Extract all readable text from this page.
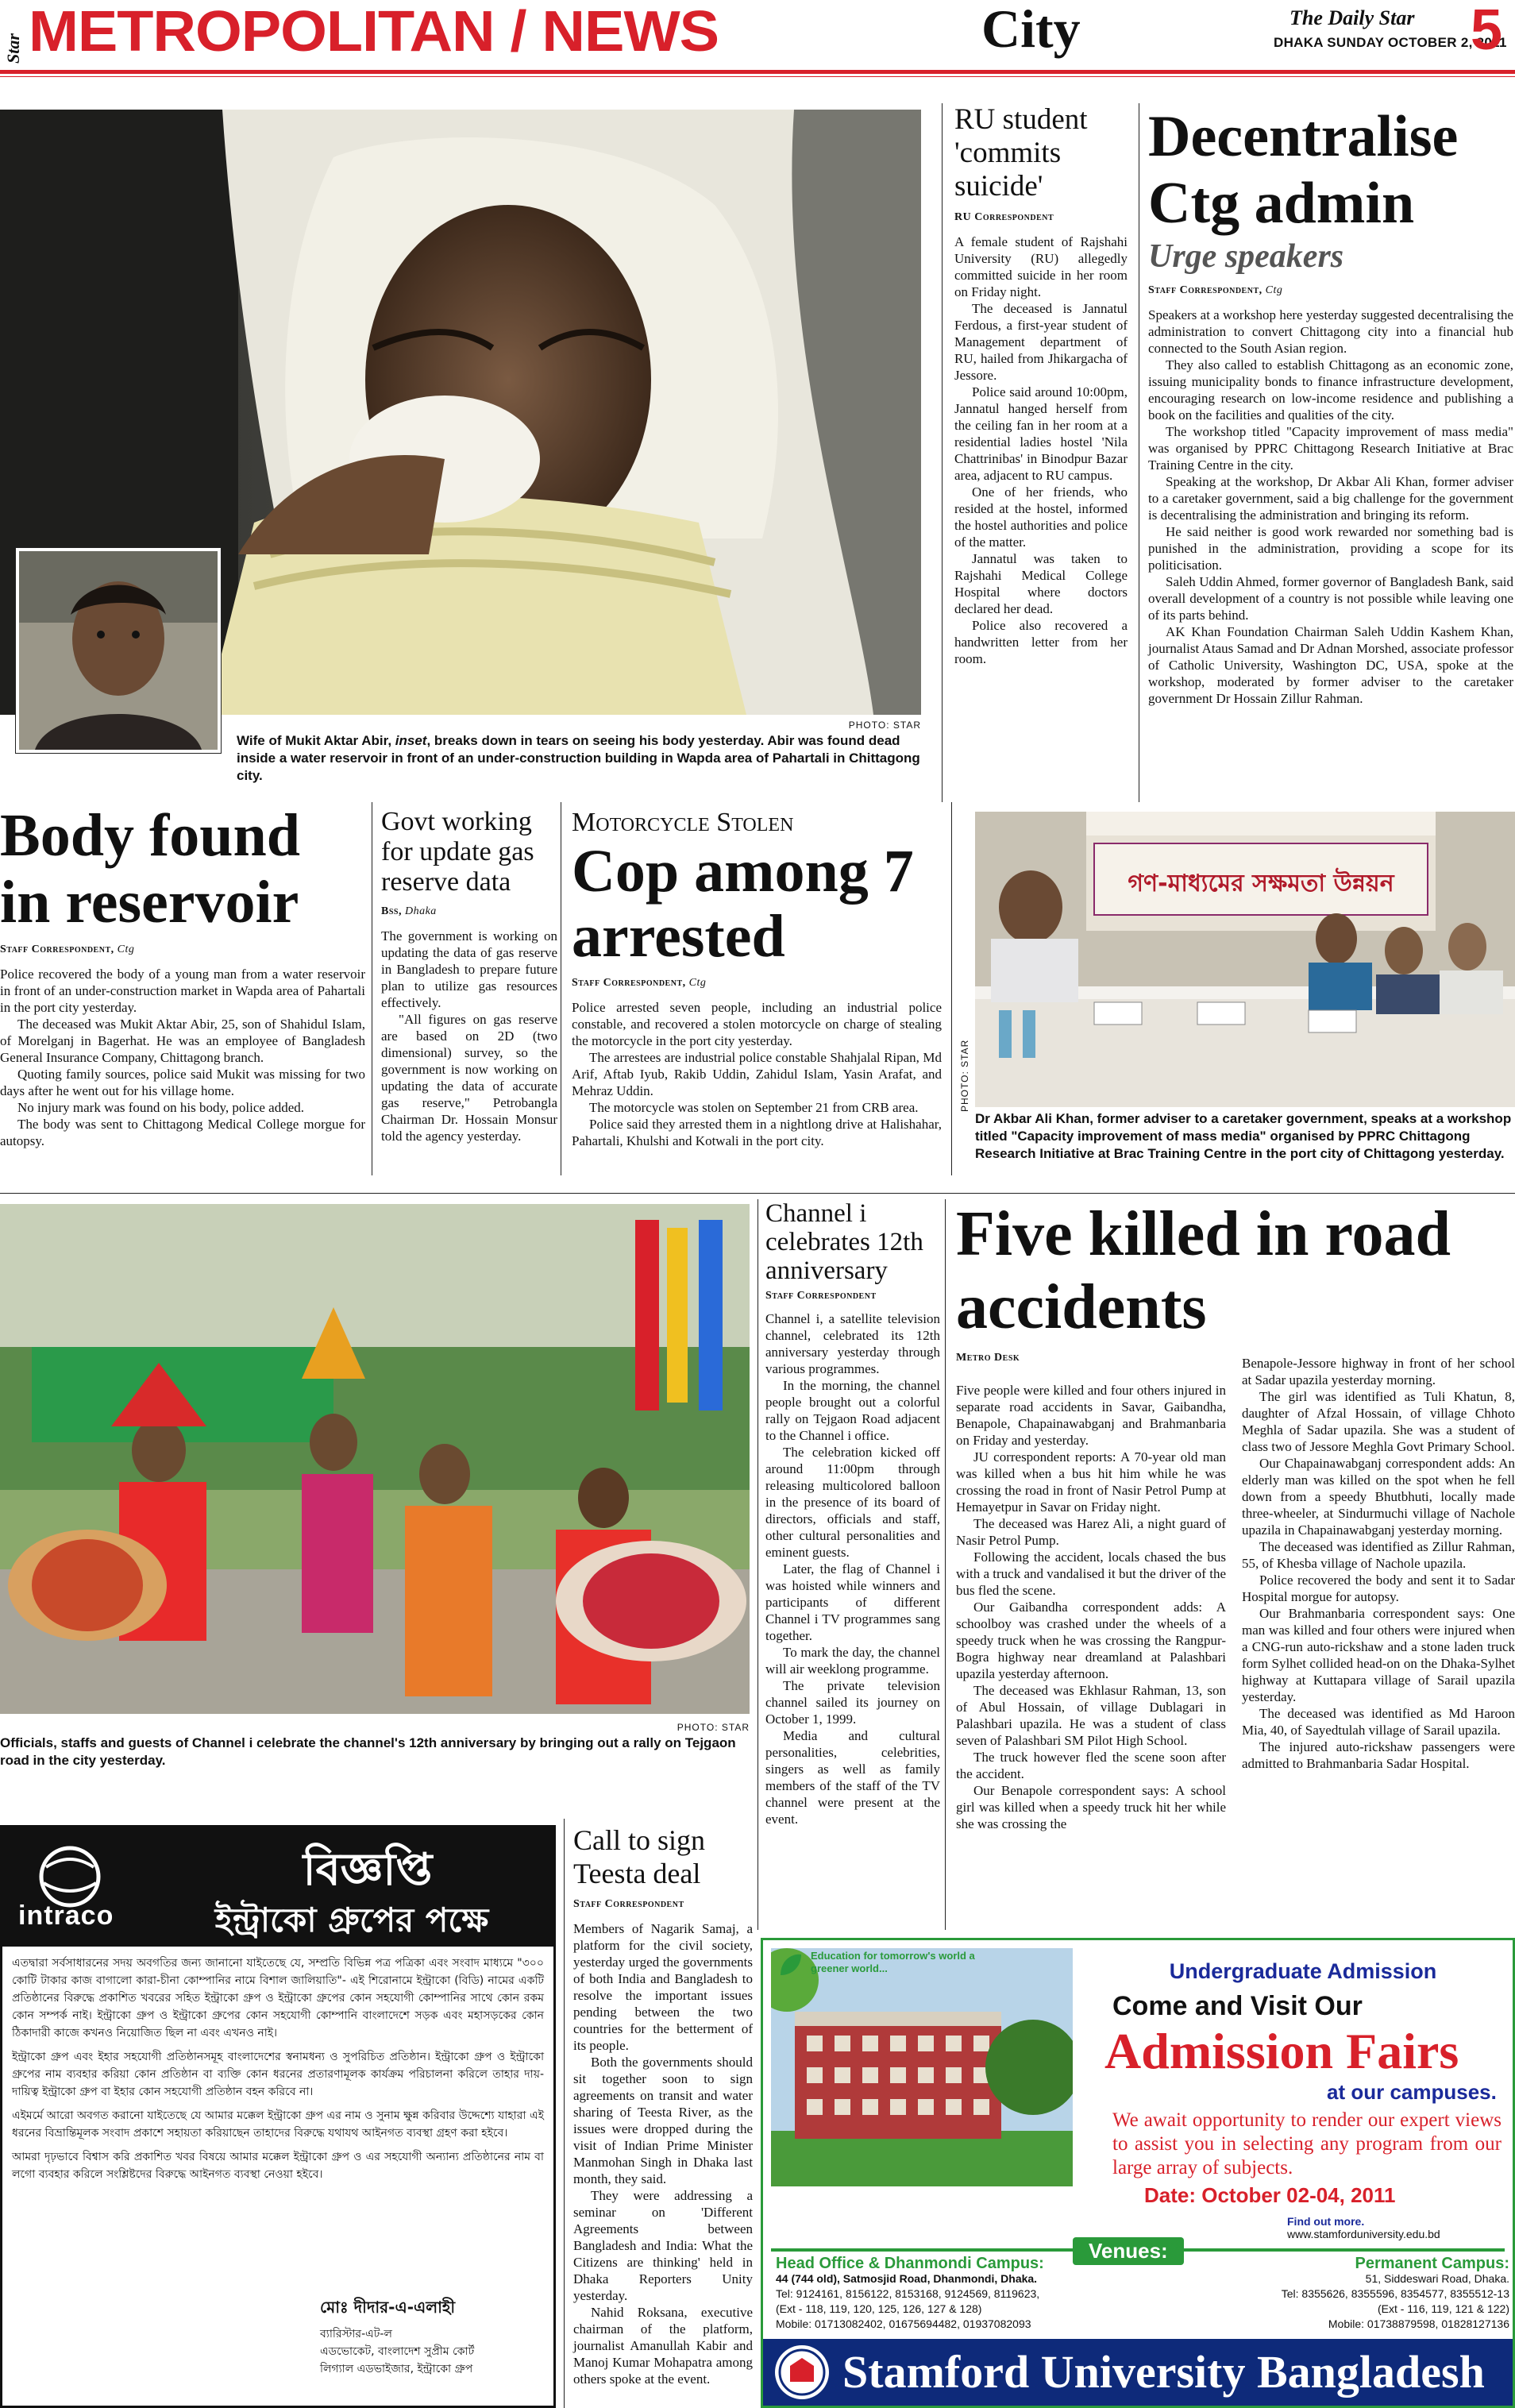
Star METROPOLITAN / NEWS	City	The Daily Star
DHAKA SUNDAY OCTOBER 2, 2011
5
PHOTO: STAR
Wife of Mukit Aktar Abir, inset, breaks down in tears on seeing his body yesterday. Abir was found dead inside a water reservoir in front of an under-construction building in Wapda area of Pahartali in Chittagong city.
RU student 'commits suicide'
RU Correspondent

A female student of Rajshahi University (RU) allegedly committed suicide in her room on Friday night.

The deceased is Jannatul Ferdous, a first-year student of Management department of RU, hailed from Jhikargacha of Jessore.

Police said around 10:00pm, Jannatul hanged herself from the ceiling fan in her room at a residential ladies hostel 'Nila Chattrinibas' in Binodpur Bazar area, adjacent to RU campus.

One of her friends, who resided at the hostel, informed the hostel authorities and police of the matter.

Jannatul was taken to Rajshahi Medical College Hospital where doctors declared her dead.

Police also recovered a handwritten letter from her room.

Decentralise Ctg admin
Urge speakers
Staff Correspondent, Ctg

Speakers at a workshop here yesterday suggested decentralising the administration to convert Chittagong city into a financial hub connected to the South Asian region.

They also called to establish Chittagong as an economic zone, issuing municipality bonds to finance infrastructure development, encouraging research on low-income residence and publishing a book on the facilities and qualities of the city.

The workshop titled "Capacity improvement of mass media" was organised by PPRC Chittagong Research Initiative at Brac Training Centre in the city.

Speaking at the workshop, Dr Akbar Ali Khan, former adviser to a caretaker government, said a big challenge for the government is decentralising the administration and bringing its reform.

He said neither is good work rewarded nor something bad is punished in the administration, providing a scope for its politicisation.

Saleh Uddin Ahmed, former governor of Bangladesh Bank, said overall development of a country is not possible while leaving one of its parts behind.

AK Khan Foundation Chairman Saleh Uddin Kashem Khan, journalist Ataus Samad and Dr Adnan Morshed, associate professor of Catholic University, Washington DC, USA, spoke at the workshop, moderated by former adviser to the caretaker government Dr Hossain Zillur Rahman.

Body found in reservoir
Staff Correspondent, Ctg

Police recovered the body of a young man from a water reservoir in front of an under-construction market in Wapda area of Pahartali in the port city yesterday.

The deceased was Mukit Aktar Abir, 25, son of Shahidul Islam, of Morelganj in Bagerhat. He was an employee of Bangladesh General Insurance Company, Chittagong branch.

Quoting family sources, police said Mukit was missing for two days after he went out for his village home.

No injury mark was found on his body, police added.

The body was sent to Chittagong Medical College morgue for autopsy.

Govt working for update gas reserve data
Bss, Dhaka

The government is working on updating the data of gas reserve in Bangladesh to prepare future plan to utilize gas resources effectively.

"All figures on gas reserve are based on 2D (two dimensional) survey, so the government is now working on updating the data of accurate gas reserve," Petrobangla Chairman Dr. Hossain Monsur told the agency yesterday.

Motorcycle Stolen
Cop among 7 arrested
Staff Correspondent, Ctg

Police arrested seven people, including an industrial police constable, and recovered a stolen motorcycle on charge of stealing the motorcycle in the port city yesterday.

The arrestees are industrial police constable Shahjalal Ripan, Md Arif, Aftab Iyub, Rakib Uddin, Zahidul Islam, Yasin Arafat, and Mehraz Uddin.

The motorcycle was stolen on September 21 from CRB area.

Police said they arrested them in a nightlong drive at Halishahar, Pahartali, Khulshi and Kotwali in the port city.

গণ-মাধ্যমের সক্ষমতা উন্নয়ন
PHOTO: STAR
Dr Akbar Ali Khan, former adviser to a caretaker government, speaks at a workshop titled "Capacity improvement of mass media" organised by PPRC Chittagong Research Initiative at Brac Training Centre in the port city of Chittagong yesterday.
PHOTO: STAR
Officials, staffs and guests of Channel i celebrate the channel's 12th anniversary by bringing out a rally on Tejgaon road in the city yesterday.
Channel i celebrates 12th anniversary
Staff Correspondent

Channel i, a satellite television channel, celebrated its 12th anniversary yesterday through various programmes.

In the morning, the channel people brought out a colorful rally on Tejgaon Road adjacent to the Channel i office.

The celebration kicked off around 11:00pm through releasing multicolored balloon in the presence of its board of directors, officials and staff, other cultural personalities and eminent guests.

Later, the flag of Channel i was hoisted while winners and participants of different Channel i TV programmes sang together.

To mark the day, the channel will air weeklong programme.

The private television channel sailed its journey on October 1, 1999.

Media and cultural personalities, celebrities, singers as well as family members of the staff of the TV channel were present at the event.

Five killed in road accidents
Metro Desk

Five people were killed and four others injured in separate road accidents in Savar, Gaibandha, Benapole, Chapainawabganj and Brahmanbaria on Friday and yesterday.

JU correspondent reports: A 70-year old man was killed when a bus hit him while he was crossing the road in front of Nasir Petrol Pump at Hemayetpur in Savar on Friday night.

The deceased was Harez Ali, a night guard of Nasir Petrol Pump.

Following the accident, locals chased the bus with a truck and vandalised it but the driver of the bus fled the scene.

Our Gaibandha correspondent adds: A schoolboy was crashed under the wheels of a speedy truck when he was crossing the Rangpur-Bogra highway near dreamland at Palashbari upazila yesterday afternoon.

The deceased was Ekhlasur Rahman, 13, son of Abul Hossain, of village Dublagari in Palashbari upazila. He was a student of class seven of Palashbari SM Pilot High School.

The truck however fled the scene soon after the accident.

Our Benapole correspondent says: A school girl was killed when a speedy truck hit her while she was crossing the

Benapole-Jessore highway in front of her school at Sadar upazila yesterday morning.

The girl was identified as Tuli Khatun, 8, daughter of Afzal Hossain, of village Chhoto Meghla of Sadar upazila. She was a student of class two of Jessore Meghla Govt Primary School.

Our Chapainawabganj correspondent adds: An elderly man was killed on the spot when he fell down from a speedy Bhutbhuti, locally made three-wheeler, at Sindurmuchi village of Nachole upazila in Chapainawabganj yesterday morning.

The deceased was identified as Zillur Rahman, 55, of Khesba village of Nachole upazila.

Police recovered the body and sent it to Sadar Hospital morgue for autopsy.

Our Brahmanbaria correspondent says: One man was killed and four others were injured when a CNG-run auto-rickshaw and a stone laden truck form Sylhet collided head-on on the Dhaka-Sylhet highway at Kuttapara village of Sarail upazila yesterday.

The deceased was identified as Md Haroon Mia, 40, of Sayedtulah village of Sarail upazila.

The injured auto-rickshaw passengers were admitted to Brahmanbaria Sadar Hospital.

intraco
বিজ্ঞপ্তি
ইন্ট্রাকো গ্রুপের পক্ষে

এতদ্বারা সর্বসাধারনের সদয় অবগতির জন্য জানানো যাইতেছে যে, সম্প্রতি বিভিন্ন পত্র পত্রিকা এবং সংবাদ মাধ্যমে "৩০০ কোটি টাকার কাজ বাগালো কারা-চীনা কোম্পানির নামে বিশাল জালিয়াতি"- এই শিরোনামে ইন্ট্রাকো (বিডি) নামের একটি প্রতিষ্ঠানের বিরুদ্ধে প্রকাশিত খবরের সহিত ইন্ট্রাকো গ্রুপ ও ইন্ট্রাকো গ্রুপের কোন সহযোগী কোম্পানির সাথে কোন রকম কোন সম্পর্ক নাই। ইন্ট্রাকো গ্রুপ ও ইন্ট্রাকো গ্রুপের কোন সহযোগী কোম্পানি বাংলাদেশে সড়ক এবং মহাসড়কের কোন ঠিকাদারী কাজে কখনও নিয়োজিত ছিল না এবং এখনও নাই।

ইন্ট্রাকো গ্রুপ এবং ইহার সহযোগী প্রতিষ্ঠানসমূহ বাংলাদেশের স্বনামধন্য ও সুপরিচিত প্রতিষ্ঠান। ইন্ট্রাকো গ্রুপ ও ইন্ট্রাকো গ্রুপের নাম ব্যবহার করিয়া কোন প্রতিষ্ঠান বা ব্যক্তি কোন ধরনের প্রতারণামূলক কার্যক্রম পরিচালনা করিলে তাহার দায়-দায়িত্ব ইন্ট্রাকো গ্রুপ বা ইহার কোন সহযোগী প্রতিষ্ঠান বহন করিবে না।

এইমর্মে আরো অবগত করানো যাইতেছে যে আমার মক্কেল ইন্ট্রাকো গ্রুপ এর নাম ও সুনাম ক্ষুন্ন করিবার উদ্দেশ্যে যাহারা এই ধরনের বিভ্রান্তিমূলক সংবাদ প্রকাশে সহায়তা করিয়াছেন তাহাদের বিরুদ্ধে যথাযথ আইনগত ব্যবস্থা গ্রহণ করা হইবে।

আমরা দৃঢ়ভাবে বিশ্বাস করি প্রকাশিত খবর বিষয়ে আমার মক্কেল ইন্ট্রাকো গ্রুপ ও এর সহযোগী অন্যান্য প্রতিষ্ঠানের নাম বা লগো ব্যবহার করিলে সংশ্লিষ্টদের বিরুদ্ধে আইনগত ব্যবস্থা নেওয়া হইবে।

মোঃ দীদার-এ-এলাহী
ব্যারিস্টার-এট-ল
এডভোকেট, বাংলাদেশ সুপ্রীম কোর্ট
লিগ্যাল এডভাইজার, ইন্ট্রাকো গ্রুপ
Call to sign Teesta deal
Staff Correspondent

Members of Nagarik Samaj, a platform for the civil society, yesterday urged the governments of both India and Bangladesh to resolve the important issues pending between the two countries for the betterment of its people.

Both the governments should sit together soon to sign agreements on transit and water sharing of Teesta River, as the issues were dropped during the visit of Indian Prime Minister Manmohan Singh in Dhaka last month, they said.

They were addressing a seminar on 'Different Agreements between Bangladesh and India: What the Citizens are thinking' held in Dhaka Reporters Unity yesterday.

Nahid Roksana, executive chairman of the platform, journalist Amanullah Kabir and Manoj Kumar Mohapatra among others spoke at the event.

Education for tomorrow's world a greener world...	Undergraduate Admission
Come and Visit Our
Admission Fairs
at our campuses.
We await opportunity to render our expert views to assist you in selecting any program from our large array of subjects.
Date: October 02-04, 2011
Find out more.
www.stamforduniversity.edu.bd
Venues:
Head Office & Dhanmondi Campus:
44 (744 old), Satmosjid Road, Dhanmondi, Dhaka.
Tel: 9124161, 8156122, 8153168, 9124569, 8119623,
(Ext - 118, 119, 120, 125, 126, 127 & 128)
Mobile: 01713082402, 01675694482, 01937082093
Permanent Campus:
51, Siddeswari Road, Dhaka.
Tel: 8355626, 8355596, 8354577, 8355512-13
(Ext - 116, 119, 121 & 122)
Mobile: 01738879598, 01828127136
Stamford University Bangladesh
